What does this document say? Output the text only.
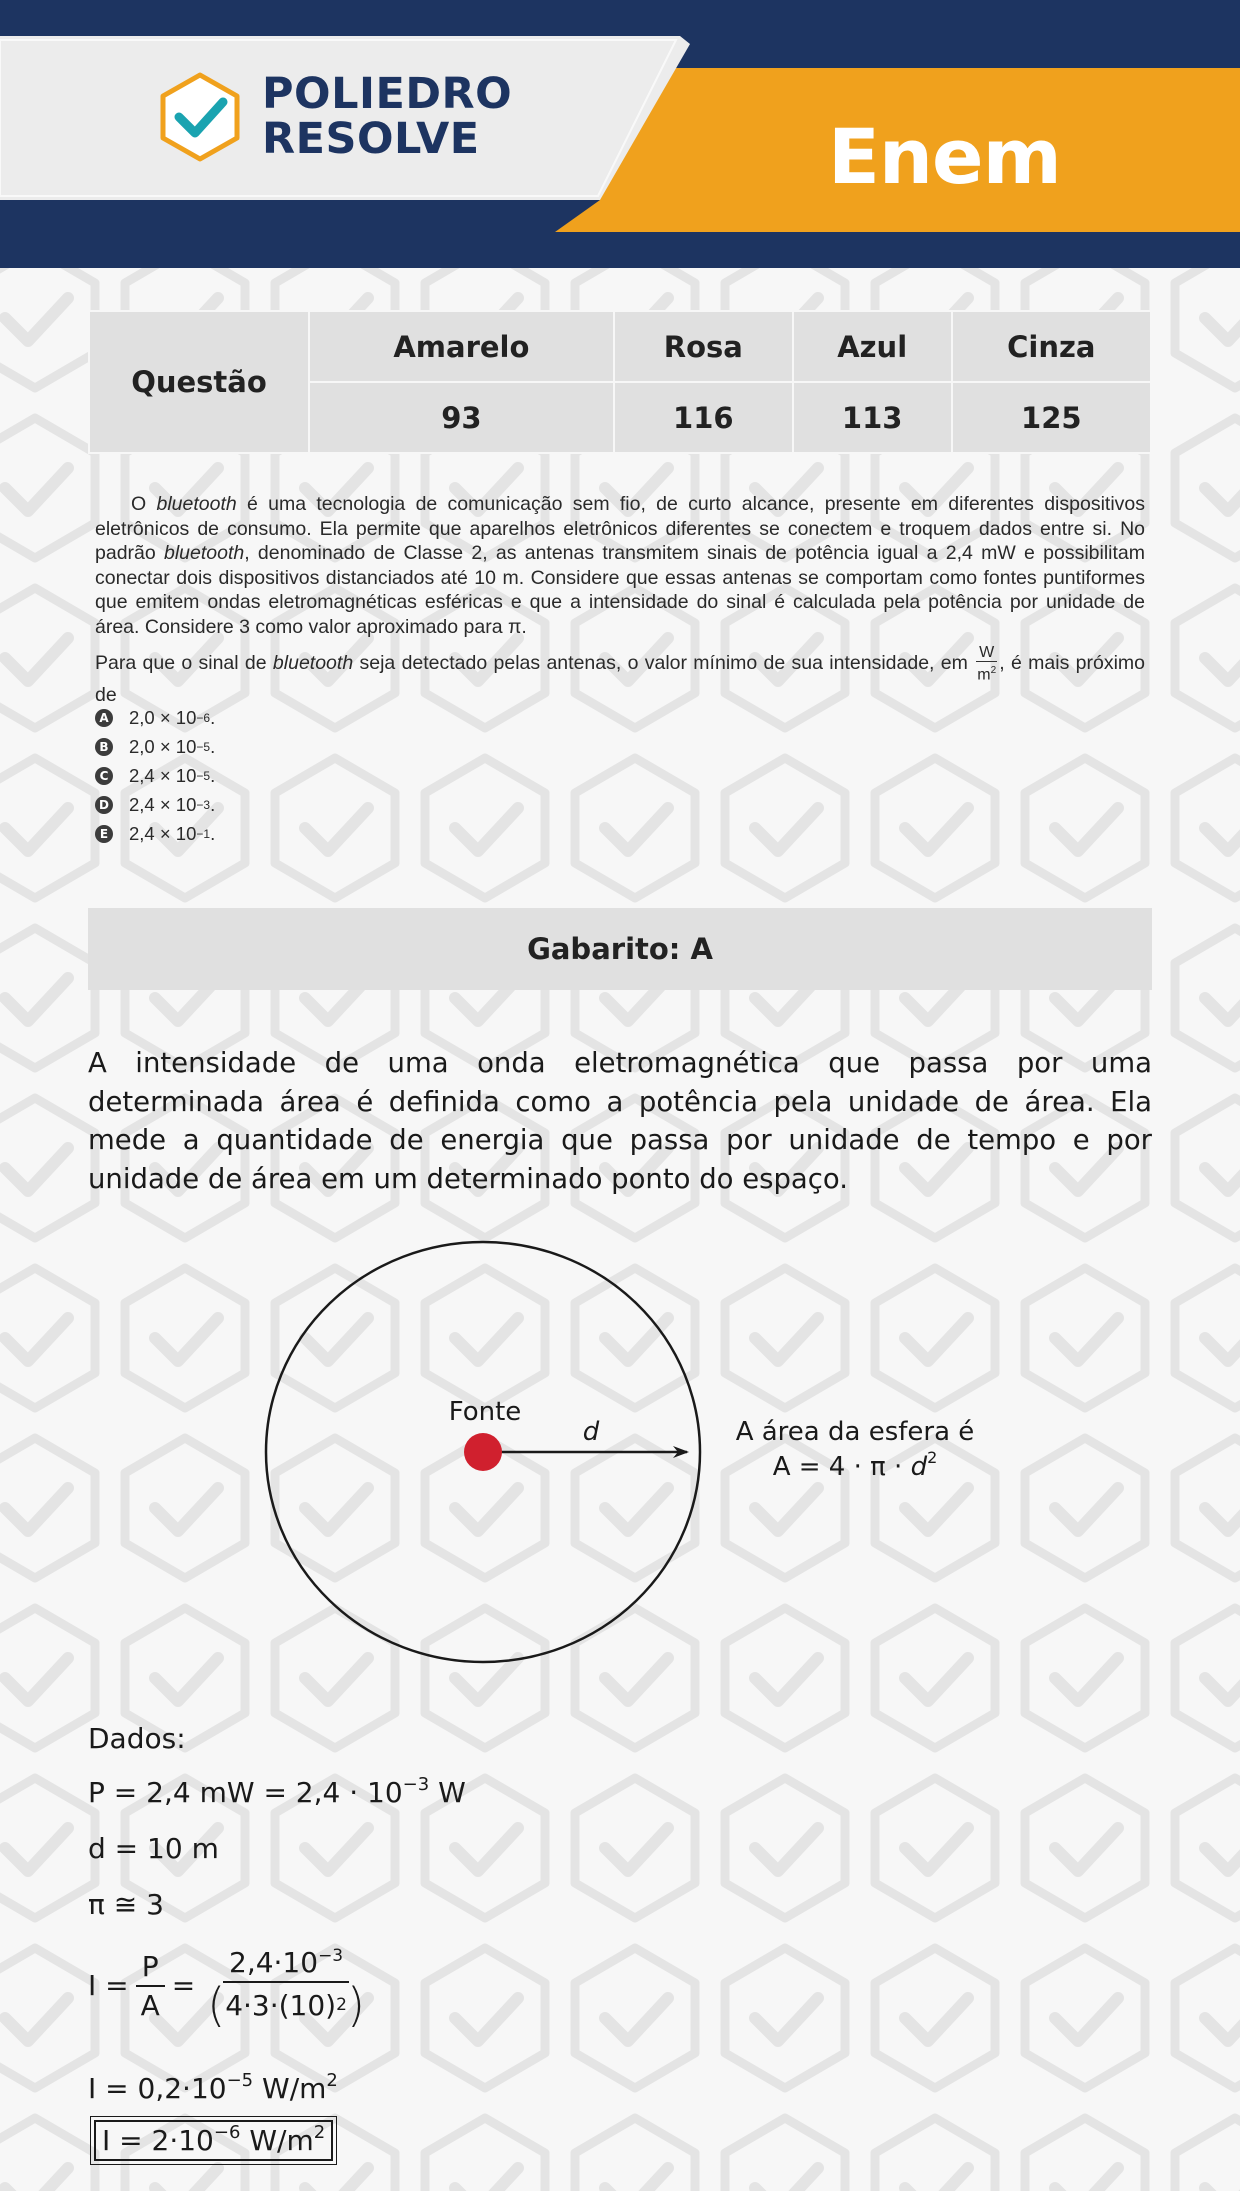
POLIEDRO
RESOLVE	Enem
Questão	Amarelo	Rosa	Azul	Cinza
	93	116	113	125

O bluetooth é uma tecnologia de comunicação sem fio, de curto alcance, presente em diferentes dispositivos eletrônicos de consumo. Ela permite que aparelhos eletrônicos diferentes se conectem e troquem dados entre si. No padrão bluetooth, denominado de Classe 2, as antenas transmitem sinais de potência igual a 2,4 mW e possibilitam conectar dois dispositivos distanciados até 10 m. Considere que essas antenas se comportam como fontes puntiformes que emitem ondas eletromagnéticas esféricas e que a intensidade do sinal é calculada pela potência por unidade de área. Considere 3 como valor aproximado para π.

Para que o sinal de bluetooth seja detectado pelas antenas, o valor mínimo de sua intensidade, em $\frac{W}{m^2}$ , é mais próximo de

A 2,0 × 10 −6 .
B 2,0 × 10 −5 .
C 2,4 × 10 −5 .
D 2,4 × 10 −3 .
E 2,4 × 10 −1 .
Gabarito: A
A intensidade de uma onda eletromagnética que passa por uma determinada área é definida como a potência pela unidade de área. Ela mede a quantidade de energia que passa por unidade de tempo e por unidade de área em um determinado ponto do espaço.
Fonte
d	A área da esfera é
$A = 4 \cdot \pi \cdot d^2$
Dados:
P = 2,4 mW = $2,4 \cdot 10^{-3}$ W
d = 10 m
π ≅ 3
$I = \frac{P}{A} = \frac{2,4\cdot 10^{-3}}{( 4\cdot 3\cdot(10) 2 )}$
$I = 0,2\cdot 10^{-5}$ $W/m^2$
$I = 2\cdot 10^{-6}$ $W/m^2$
